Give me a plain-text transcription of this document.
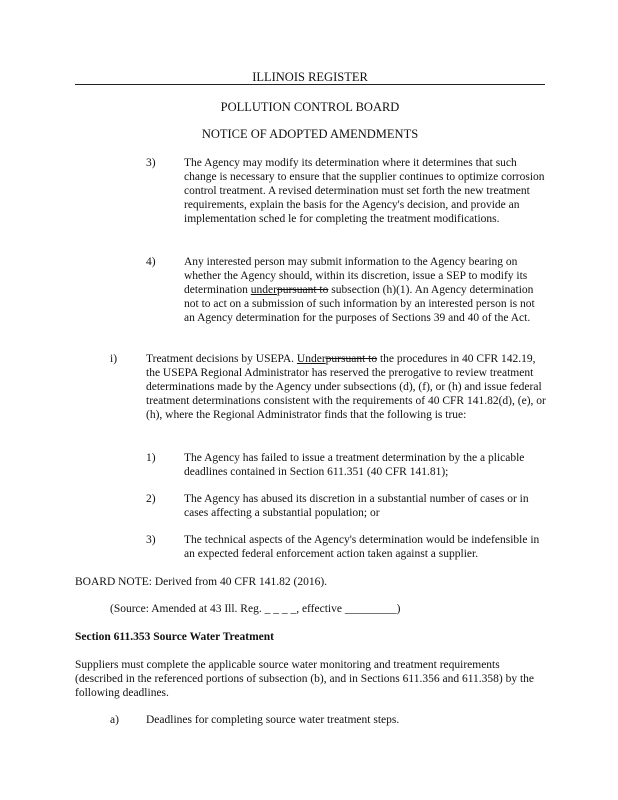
ILLINOIS REGISTER
POLLUTION CONTROL BOARD
NOTICE OF ADOPTED AMENDMENTS
3) The Agency may modify its determination where it determines that such change is necessary to ensure that the supplier continues to optimize corrosion control treatment. A revised determination must set forth the new treatment requirements, explain the basis for the Agency's decision, and provide an implementation sched le for completing the treatment modifications.
4) Any interested person may submit information to the Agency bearing on whether the Agency should, within its discretion, issue a SEP to modify its determination underpursuant to subsection (h)(1). An Agency determination not to act on a submission of such information by an interested person is not an Agency determination for the purposes of Sections 39 and 40 of the Act.
i)	Treatment decisions by USEPA. Underpursuant to the procedures in 40 CFR 142.19, the USEPA Regional Administrator has reserved the prerogative to review treatment determinations made by the Agency under subsections (d), (f), or (h) and issue federal treatment determinations consistent with the requirements of 40 CFR 141.82(d), (e), or (h), where the Regional Administrator finds that the following is true:
1) The Agency has failed to issue a treatment determination by the a plicable deadlines contained in Section 611.351 (40 CFR 141.81);
2) The Agency has abused its discretion in a substantial number of cases or in cases affecting a substantial population; or
3) The technical aspects of the Agency's determination would be indefensible in an expected federal enforcement action taken against a supplier.
BOARD NOTE: Derived from 40 CFR 141.82 (2016).
(Source: Amended at 43 Ill. Reg. _ _ _ _, effective _________)
Section 611.353 Source Water Treatment
Suppliers must complete the applicable source water monitoring and treatment requirements (described in the referenced portions of subsection (b), and in Sections 611.356 and 611.358) by the following deadlines.
a) Deadlines for completing source water treatment steps.
